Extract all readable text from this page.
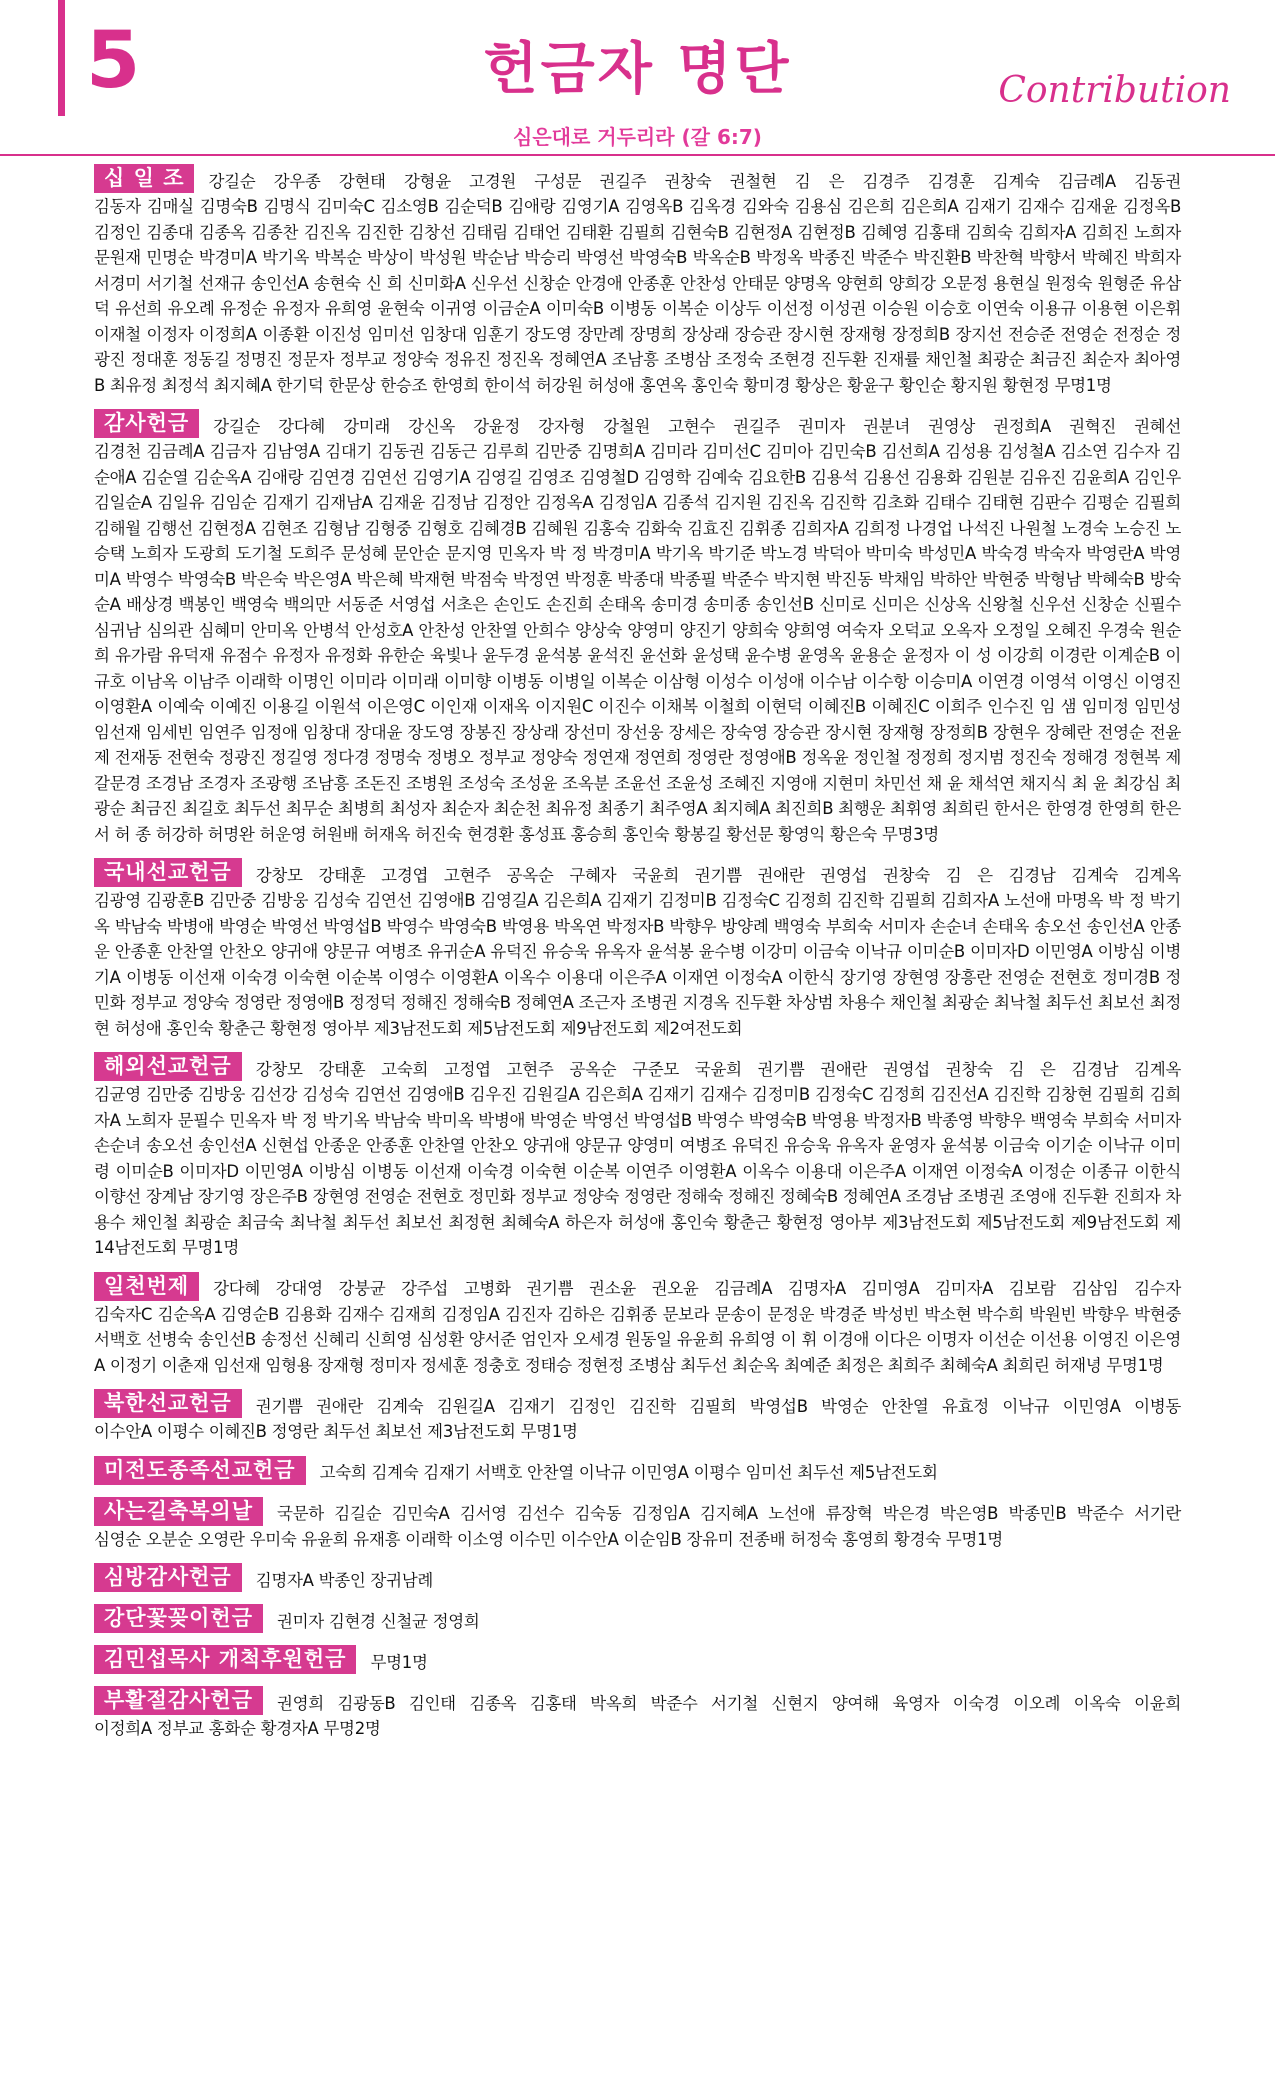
5	헌금자 명단	Contribution
심은대로 거두리라 (갈 6:7)
십 일 조	강길순 강우종 강현태 강형윤 고경원 구성문 권길주 권창숙 권철현 김 은 김경주 김경훈 김계숙 김금례A 김동권

김동자 김매실 김명숙B 김명식 김미숙C 김소영B 김순덕B 김애랑 김영기A 김영옥B 김옥경 김와숙 김용심 김은희 김은희A 김재기 김재수 김재윤 김정옥B 김정인 김종대 김종옥 김종찬 김진옥 김진한 김창선 김태림 김태언 김태환 김필희 김현숙B 김현정A 김현정B 김혜영 김홍태 김희숙 김희자A 김희진 노희자 문원재 민명순 박경미A 박기옥 박복순 박상이 박성원 박순남 박승리 박영선 박영숙B 박옥순B 박정옥 박종진 박준수 박진환B 박찬혁 박향서 박혜진 박희자 서경미 서기철 선재규 송인선A 송현숙 신 희 신미화A 신우선 신창순 안경애 안종훈 안찬성 안태문 양명옥 양현희 양희강 오문정 용현실 원정숙 원형준 유삼덕 유선희 유오례 유정순 유정자 유희영 윤현숙 이귀영 이금순A 이미숙B 이병동 이복순 이상두 이선정 이성권 이승원 이승호 이연숙 이용규 이용현 이은휘 이재철 이정자 이정희A 이종환 이진성 임미선 임창대 임훈기 장도영 장만례 장명희 장상래 장승관 장시현 장재형 장정희B 장지선 전승준 전영순 전정순 정광진 정대훈 정동길 정명진 정문자 정부교 정양숙 정유진 정진옥 정혜연A 조남흥 조병삼 조정숙 조현경 진두환 진재률 채인철 최광순 최금진 최순자 최아영B 최유정 최정석 최지혜A 한기덕 한문상 한승조 한영희 한이석 허강원 허성애 홍연옥 홍인숙 황미경 황상은 황윤구 황인순 황지원 황현정 무명1명

감사헌금	강길순 강다혜 강미래 강신옥 강윤정 강자형 강철원 고현수 권길주 권미자 권분녀 권영상 권정희A 권혁진 권혜선

김경천 김금례A 김금자 김남영A 김대기 김동권 김동근 김루희 김만중 김명희A 김미라 김미선C 김미아 김민숙B 김선희A 김성용 김성철A 김소연 김수자 김순애A 김순열 김순옥A 김애랑 김연경 김연선 김영기A 김영길 김영조 김영철D 김영학 김예숙 김요한B 김용석 김용선 김용화 김원분 김유진 김윤희A 김인우 김일순A 김일유 김임순 김재기 김재남A 김재윤 김정남 김정안 김정옥A 김정임A 김종석 김지원 김진옥 김진학 김초화 김태수 김태현 김판수 김평순 김필희 김해월 김행선 김현정A 김현조 김형남 김형중 김형호 김혜경B 김혜원 김홍숙 김화숙 김효진 김휘종 김희자A 김희정 나경업 나석진 나원철 노경숙 노승진 노승택 노희자 도광희 도기철 도희주 문성혜 문안순 문지영 민옥자 박 정 박경미A 박기옥 박기준 박노경 박덕아 박미숙 박성민A 박숙경 박숙자 박영란A 박영미A 박영수 박영숙B 박은숙 박은영A 박은혜 박재현 박점숙 박정연 박정훈 박종대 박종필 박준수 박지현 박진동 박채임 박하안 박현중 박형남 박혜숙B 방숙순A 배상경 백봉인 백영숙 백의만 서동준 서영섭 서초은 손인도 손진희 손태옥 송미경 송미종 송인선B 신미로 신미은 신상옥 신왕철 신우선 신창순 신필수 심귀남 심의관 심혜미 안미옥 안병석 안성호A 안찬성 안찬열 안희수 양상숙 양영미 양진기 양희숙 양희영 여숙자 오덕교 오옥자 오정일 오혜진 우경숙 원순희 유가람 유덕재 유점수 유정자 유정화 유한순 육빛나 윤두경 윤석봉 윤석진 윤선화 윤성택 윤수병 윤영옥 윤용순 윤정자 이 성 이강희 이경란 이계순B 이규호 이남옥 이남주 이래학 이명인 이미라 이미래 이미향 이병동 이병일 이복순 이삼형 이성수 이성애 이수남 이수항 이승미A 이연경 이영석 이영신 이영진 이영환A 이예숙 이예진 이용길 이원석 이은영C 이인재 이재옥 이지원C 이진수 이채복 이철희 이현덕 이혜진B 이혜진C 이희주 인수진 임 샘 임미정 임민성 임선재 임세빈 임연주 임정애 임창대 장대윤 장도영 장봉진 장상래 장선미 장선웅 장세은 장숙영 장승관 장시현 장재형 장정희B 장현우 장혜란 전영순 전윤제 전재동 전현숙 정광진 정길영 정다경 정명숙 정병오 정부교 정양숙 정연재 정연희 정영란 정영애B 정옥윤 정인철 정정희 정지범 정진숙 정해경 정현복 제갈문경 조경남 조경자 조광행 조남흥 조돈진 조병원 조성숙 조성윤 조옥분 조윤선 조윤성 조혜진 지영애 지현미 차민선 채 윤 채석연 채지식 최 윤 최강심 최광순 최금진 최길호 최두선 최무순 최병희 최성자 최순자 최순천 최유정 최종기 최주영A 최지혜A 최진희B 최행운 최휘영 최희린 한서은 한영경 한영희 한은서 허 종 허강하 허명완 허운영 허원배 허재옥 허진숙 현경환 홍성표 홍승희 홍인숙 황봉길 황선문 황영익 황은숙 무명3명

국내선교헌금	강창모 강태훈 고경엽 고현주 공옥순 구혜자 국윤희 권기쁨 권애란 권영섭 권창숙 김 은 김경남 김계숙 김계옥

김광영 김광훈B 김만중 김방웅 김성숙 김연선 김영애B 김영길A 김은희A 김재기 김정미B 김정숙C 김정희 김진학 김필희 김희자A 노선애 마명옥 박 정 박기옥 박남숙 박병애 박영순 박영선 박영섭B 박영수 박영숙B 박영용 박옥연 박정자B 박향우 방양례 백영숙 부희숙 서미자 손순녀 손태옥 송오선 송인선A 안종운 안종훈 안찬열 안찬오 양귀애 양문규 여병조 유귀순A 유덕진 유승욱 유옥자 윤석봉 윤수병 이강미 이금숙 이낙규 이미순B 이미자D 이민영A 이방심 이병기A 이병동 이선재 이숙경 이숙현 이순복 이영수 이영환A 이옥수 이용대 이은주A 이재연 이정숙A 이한식 장기영 장현영 장흥란 전영순 전현호 정미경B 정민화 정부교 정양숙 정영란 정영애B 정정덕 정해진 정해숙B 정혜연A 조근자 조병권 지경옥 진두환 차상범 차용수 채인철 최광순 최낙철 최두선 최보선 최정현 허성애 홍인숙 황춘근 황현정 영아부 제3남전도회 제5남전도회 제9남전도회 제2여전도회

해외선교헌금	강창모 강태훈 고숙희 고정엽 고현주 공옥순 구준모 국윤희 권기쁨 권애란 권영섭 권창숙 김 은 김경남 김계옥

김균영 김만중 김방웅 김선강 김성숙 김연선 김영애B 김우진 김원길A 김은희A 김재기 김재수 김정미B 김정숙C 김정희 김진선A 김진학 김창현 김필희 김희자A 노희자 문필수 민옥자 박 정 박기옥 박남숙 박미옥 박병애 박영순 박영선 박영섭B 박영수 박영숙B 박영용 박정자B 박종영 박향우 백영숙 부희숙 서미자 손순녀 송오선 송인선A 신현섭 안종운 안종훈 안찬열 안찬오 양귀애 양문규 양영미 여병조 유덕진 유승욱 유옥자 윤영자 윤석봉 이금숙 이기순 이낙규 이미령 이미순B 이미자D 이민영A 이방심 이병동 이선재 이숙경 이숙현 이순복 이연주 이영환A 이옥수 이용대 이은주A 이재연 이정숙A 이정순 이종규 이한식 이향선 장계남 장기영 장은주B 장현영 전영순 전현호 정민화 정부교 정양숙 정영란 정해숙 정해진 정혜숙B 정혜연A 조경남 조병권 조영애 진두환 진희자 차용수 채인철 최광순 최금숙 최낙철 최두선 최보선 최정현 최혜숙A 하은자 허성애 홍인숙 황춘근 황현정 영아부 제3남전도회 제5남전도회 제9남전도회 제14남전도회 무명1명

일천번제	강다혜 강대영 강붕균 강주섭 고병화 권기쁨 권소윤 권오윤 김금례A 김명자A 김미영A 김미자A 김보람 김삼임 김수자

김숙자C 김순옥A 김영순B 김용화 김재수 김재희 김정임A 김진자 김하은 김휘종 문보라 문송이 문정운 박경준 박성빈 박소현 박수희 박원빈 박향우 박현중 서백호 선병숙 송인선B 송정선 신혜리 신희영 심성환 양서준 엄인자 오세경 원동일 유윤희 유희영 이 휘 이경애 이다은 이명자 이선순 이선용 이영진 이은영A 이정기 이춘재 임선재 임형용 장재형 정미자 정세훈 정충호 정태승 정현정 조병삼 최두선 최순옥 최예준 최정은 최희주 최혜숙A 최희린 허재녕 무명1명

북한선교헌금	권기쁨 권애란 김계숙 김원길A 김재기 김정인 김진학 김필희 박영섭B 박영순 안찬열 유효정 이낙규 이민영A 이병동

이수안A 이평수 이혜진B 정영란 최두선 최보선 제3남전도회 무명1명

미전도종족선교헌금	고숙희 김계숙 김재기 서백호 안찬열 이낙규 이민영A 이평수 임미선 최두선 제5남전도회

사는길축복의날	국문하 김길순 김민숙A 김서영 김선수 김숙동 김정임A 김지혜A 노선애 류장혁 박은경 박은영B 박종민B 박준수 서기란

심영순 오분순 오영란 우미숙 유윤희 유재흥 이래학 이소영 이수민 이수안A 이순임B 장유미 전종배 허정숙 홍영희 황경숙 무명1명

심방감사헌금	김명자A 박종인 장귀남례

강단꽃꽂이헌금	권미자 김현경 신철균 정영희

김민섭목사 개척후원헌금	무명1명

부활절감사헌금	권영희 김광동B 김인태 김종옥 김홍태 박옥희 박준수 서기철 신현지 양여해 육영자 이숙경 이오례 이옥숙 이윤희

이정희A 정부교 홍화순 황경자A 무명2명
